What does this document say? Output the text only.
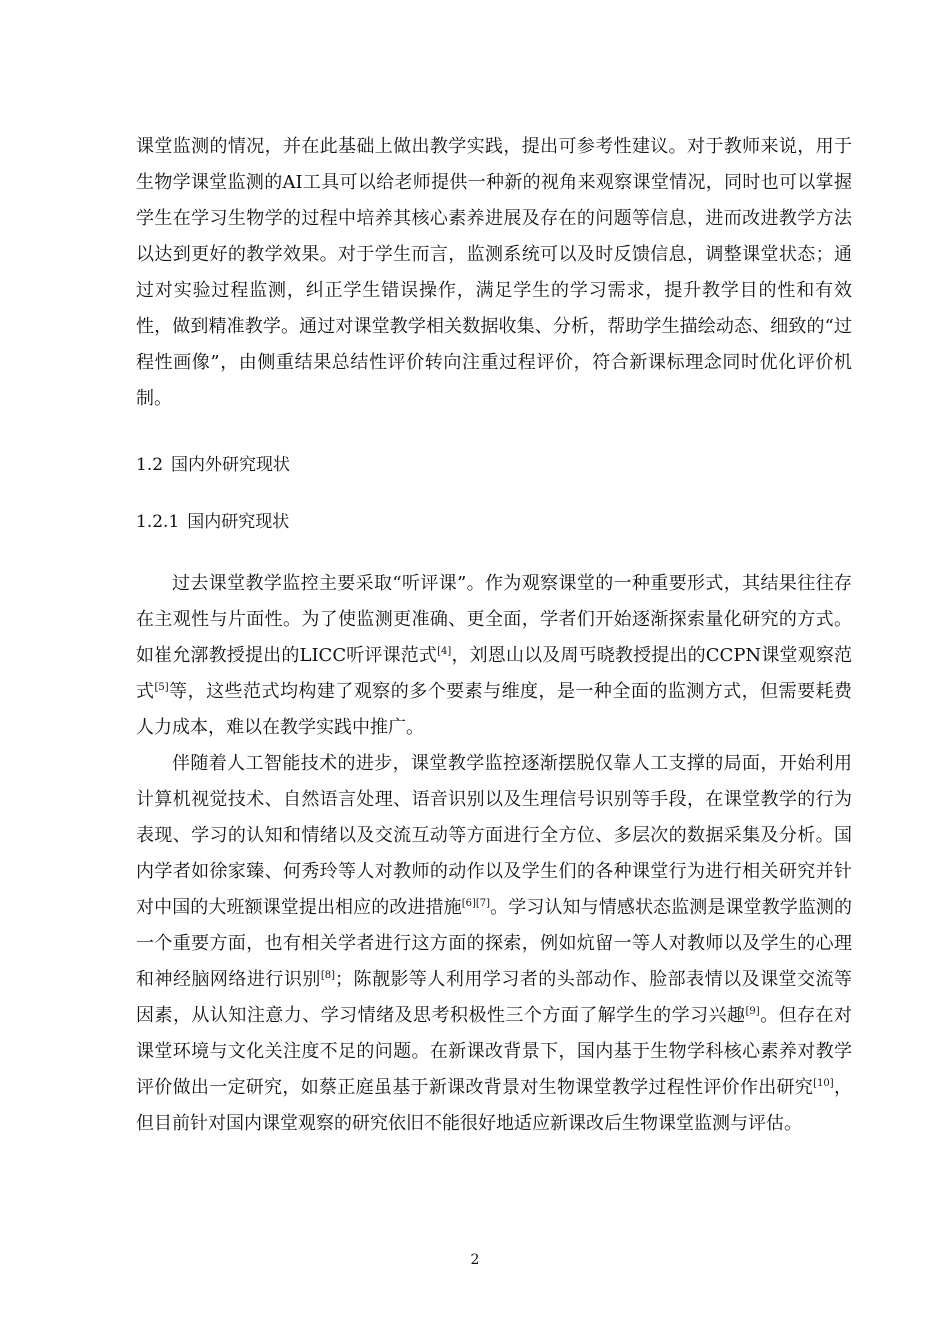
课堂监测的情况，并在此基础上做出教学实践，提出可参考性建议。对于教师来说，用于生物学课堂监测的AI工具可以给老师提供一种新的视角来观察课堂情况，同时也可以掌握学生在学习生物学的过程中培养其核心素养进展及存在的问题等信息，进而改进教学方法以达到更好的教学效果。对于学生而言，监测系统可以及时反馈信息，调整课堂状态；通过对实验过程监测，纠正学生错误操作，满足学生的学习需求，提升教学目的性和有效性，做到精准教学。通过对课堂教学相关数据收集、分析，帮助学生描绘动态、细致的“过程性画像”，由侧重结果总结性评价转向注重过程评价，符合新课标理念同时优化评价机制。

1.2 国内外研究现状
1.2.1 国内研究现状

过去课堂教学监控主要采取“听评课”。作为观察课堂的一种重要形式，其结果往往存在主观性与片面性。为了使监测更准确、更全面，学者们开始逐渐探索量化研究的方式。如崔允漷教授提出的LICC听评课范式[4]，刘恩山以及周丐晓教授提出的CCPN课堂观察范式[5]等，这些范式均构建了观察的多个要素与维度，是一种全面的监测方式，但需要耗费人力成本，难以在教学实践中推广。

伴随着人工智能技术的进步，课堂教学监控逐渐摆脱仅靠人工支撑的局面，开始利用计算机视觉技术、自然语言处理、语音识别以及生理信号识别等手段，在课堂教学的行为表现、学习的认知和情绪以及交流互动等方面进行全方位、多层次的数据采集及分析。国内学者如徐家臻、何秀玲等人对教师的动作以及学生们的各种课堂行为进行相关研究并针对中国的大班额课堂提出相应的改进措施[6][7]。学习认知与情感状态监测是课堂教学监测的一个重要方面，也有相关学者进行这方面的探索，例如炕留一等人对教师以及学生的心理和神经脑网络进行识别[8]；陈靓影等人利用学习者的头部动作、脸部表情以及课堂交流等因素，从认知注意力、学习情绪及思考积极性三个方面了解学生的学习兴趣[9]。但存在对课堂环境与文化关注度不足的问题。在新课改背景下，国内基于生物学科核心素养对教学评价做出一定研究，如蔡正庭虽基于新课改背景对生物课堂教学过程性评价作出研究[10]，但目前针对国内课堂观察的研究依旧不能很好地适应新课改后生物课堂监测与评估。

2
